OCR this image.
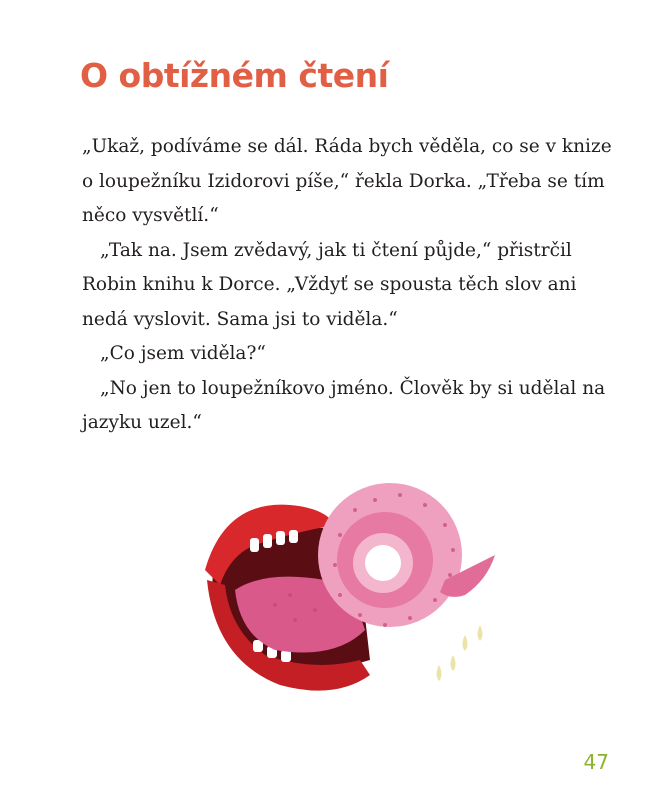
O obtížném čtení

„Ukaž, podíváme se dál. Ráda bych věděla, co se v knize o loupežníku Izidorovi píše,“ řekla Dorka. „Třeba se tím něco vysvětlí.“

„Tak na. Jsem zvědavý, jak ti čtení půjde,“ přistrčil Robin knihu k Dorce. „Vždyť se spousta těch slov ani nedá vyslovit. Sama jsi to viděla.“

„Co jsem viděla?“

„No jen to loupežníkovo jméno. Člověk by si udělal na jazyku uzel.“

47
